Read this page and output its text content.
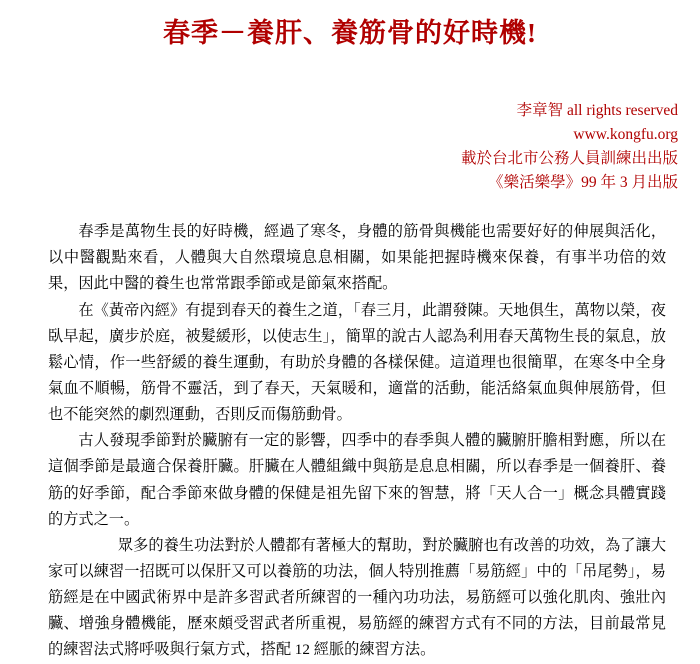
春季－養肝、養筋骨的好時機!
李章智 all rights reserved
www.kongfu.org
載於台北市公務人員訓練出出版
《樂活樂學》99 年 3 月出版

春季是萬物生長的好時機，經過了寒冬，身體的筋骨與機能也需要好好的伸展與活化，以中醫觀點來看，人體與大自然環境息息相關，如果能把握時機來保養，有事半功倍的效果，因此中醫的養生也常常跟季節或是節氣來搭配。

在《黃帝內經》有提到春天的養生之道，「春三月，此謂發陳。天地俱生，萬物以榮，夜臥早起，廣步於庭，被髮緩形，以使志生」，簡單的說古人認為利用春天萬物生長的氣息，放鬆心情，作一些舒緩的養生運動，有助於身體的各樣保健。這道理也很簡單，在寒冬中全身氣血不順暢，筋骨不靈活，到了春天，天氣暖和，適當的活動，能活絡氣血與伸展筋骨，但也不能突然的劇烈運動，否則反而傷筋動骨。

古人發現季節對於臟腑有一定的影響，四季中的春季與人體的臟腑肝膽相對應，所以在這個季節是最適合保養肝臟。肝臟在人體組織中與筋是息息相關，所以春季是一個養肝、養筋的好季節，配合季節來做身體的保健是祖先留下來的智慧，將「天人合一」概念具體實踐的方式之一。

眾多的養生功法對於人體都有著極大的幫助，對於臟腑也有改善的功效，為了讓大家可以練習一招既可以保肝又可以養筋的功法，個人特別推薦「易筋經」中的「吊尾勢」，易筋經是在中國武術界中是許多習武者所練習的一種內功功法，易筋經可以強化肌肉、強壯內臟、增強身體機能，歷來頗受習武者所重視，易筋經的練習方式有不同的方法，目前最常見的練習法式將呼吸與行氣方式，搭配 12 經脈的練習方法。
